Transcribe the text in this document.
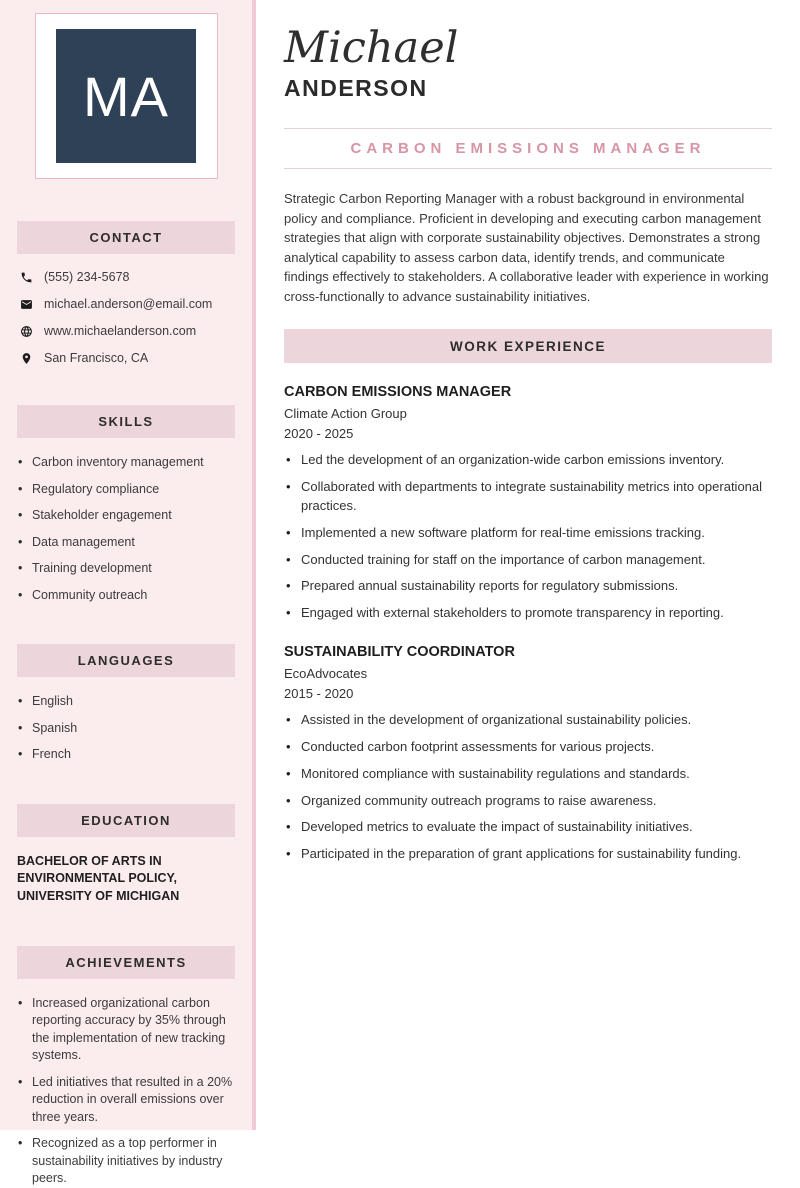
MA
CONTACT
(555) 234-5678
michael.anderson@email.com
www.michaelanderson.com
San Francisco, CA
SKILLS
• Carbon inventory management
• Regulatory compliance
• Stakeholder engagement
• Data management
• Training development
• Community outreach
LANGUAGES
• English
• Spanish
• French
EDUCATION
BACHELOR OF ARTS IN ENVIRONMENTAL POLICY, UNIVERSITY OF MICHIGAN
ACHIEVEMENTS
• Increased organizational carbon reporting accuracy by 35% through the implementation of new tracking systems.
• Led initiatives that resulted in a 20% reduction in overall emissions over three years.
• Recognized as a top performer in sustainability initiatives by industry peers.
Michael
ANDERSON
CARBON EMISSIONS MANAGER

Strategic Carbon Reporting Manager with a robust background in environmental policy and compliance. Proficient in developing and executing carbon management strategies that align with corporate sustainability objectives. Demonstrates a strong analytical capability to assess carbon data, identify trends, and communicate findings effectively to stakeholders. A collaborative leader with experience in working cross-functionally to advance sustainability initiatives.

WORK EXPERIENCE
CARBON EMISSIONS MANAGER
Climate Action Group
2020 - 2025
• Led the development of an organization-wide carbon emissions inventory.
• Collaborated with departments to integrate sustainability metrics into operational practices.
• Implemented a new software platform for real-time emissions tracking.
• Conducted training for staff on the importance of carbon management.
• Prepared annual sustainability reports for regulatory submissions.
• Engaged with external stakeholders to promote transparency in reporting.
SUSTAINABILITY COORDINATOR
EcoAdvocates
2015 - 2020
• Assisted in the development of organizational sustainability policies.
• Conducted carbon footprint assessments for various projects.
• Monitored compliance with sustainability regulations and standards.
• Organized community outreach programs to raise awareness.
• Developed metrics to evaluate the impact of sustainability initiatives.
• Participated in the preparation of grant applications for sustainability funding.
